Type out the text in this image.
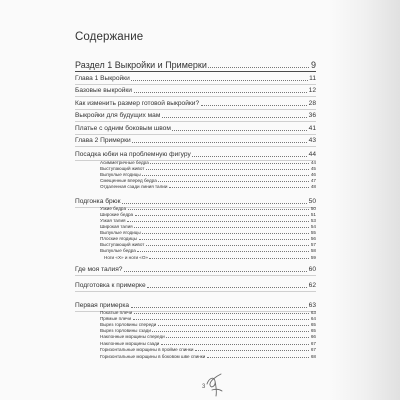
Содержание
Раздел 1 Выкройки и Примерки	9
Глава 1 Выкройки	11
Базовые выкройки	12
Как изменить размер готовой выкройки?	28
Выкройки для будущих мам	36
Платье с одним боковым швом	41
Глава 2 Примерки	43
Посадка юбки на проблемную фигуру	44
Асимметричные бедра	44
Выступающий живот	45
Выпуклые ягодицы	46
Смещенные вперед бедра	47
Отдаленная сзади линия талии	48
Подгонка брюк	50
Узкие бедра	50
Широкие бедра	51
Узкая талия	53
Широкая талия	54
Выпуклые ягодицы	55
Плоские ягодицы	56
Выступающий живот	57
Выпуклые бедра	58
Ноги «Х» и ноги «О»	59
Где моя талия?	60
Подготовка к примерке	62
Первая примерка	63
Покатые плечи	63
Прямые плечи	64
Вырез горловины спереди	65
Вырез горловины сзади	65
Наклонные морщины спереди	66
Наклонные морщины сзади	67
Горизонтальные морщины в пройме спинки	67
Горизонтальные морщины в боковом шве спинки	68
3
